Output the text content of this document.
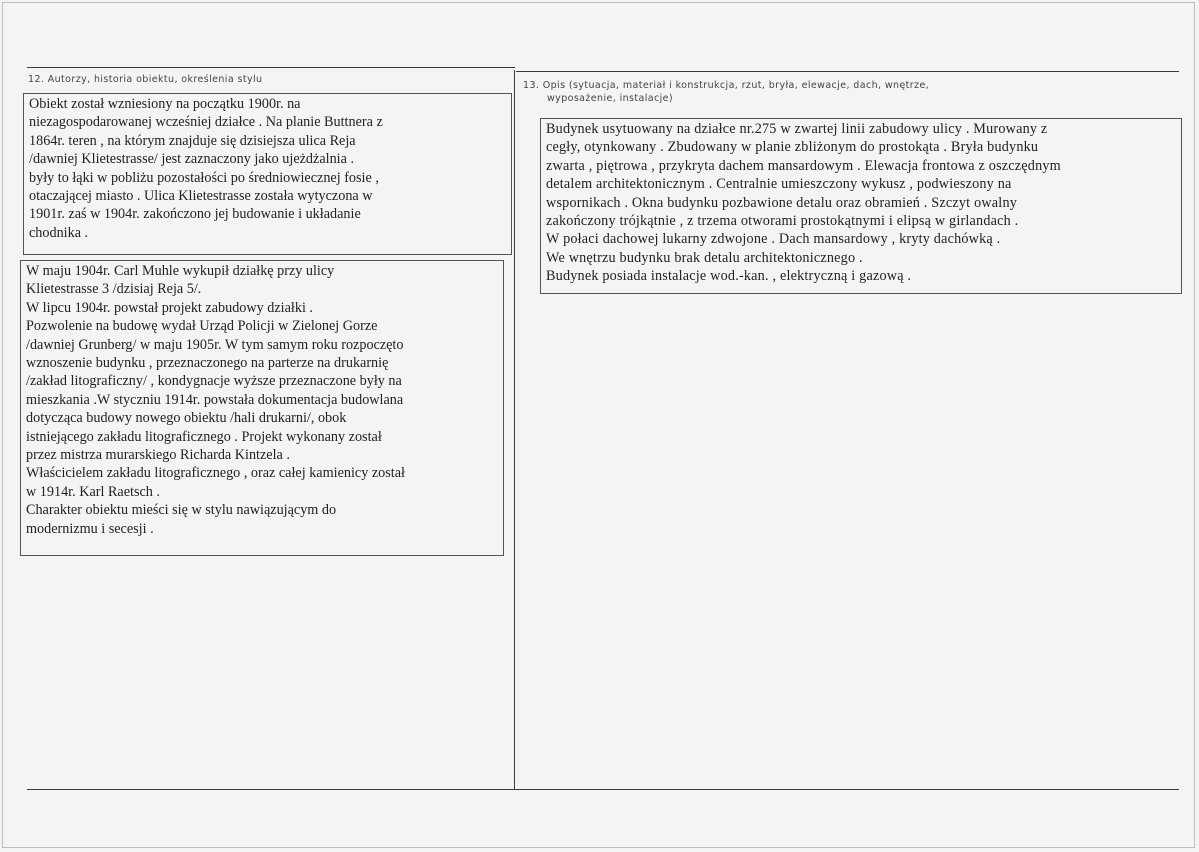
12. Autorzy, historia obiektu, określenia stylu
Obiekt został wzniesiony na początku 1900r. na
niezagospodarowanej wcześniej działce . Na planie Buttnera z
1864r. teren , na którym znajduje się dzisiejsza ulica Reja
/dawniej Klietestrasse/ jest zaznaczony jako ujeżdżalnia .
były to łąki w pobliżu pozostałości po średniowiecznej fosie ,
otaczającej miasto . Ulica Klietestrasse została wytyczona w
1901r. zaś w 1904r. zakończono jej budowanie i układanie
chodnika .
W maju 1904r. Carl Muhle wykupił działkę przy ulicy
Klietestrasse 3 /dzisiaj Reja 5/.
W lipcu 1904r. powstał projekt zabudowy działki .
Pozwolenie na budowę wydał Urząd Policji w Zielonej Gorze
/dawniej Grunberg/ w maju 1905r. W tym samym roku rozpoczęto
wznoszenie budynku , przeznaczonego na parterze na drukarnię
/zakład litograficzny/ , kondygnacje wyższe przeznaczone były na
mieszkania .W styczniu 1914r. powstała dokumentacja budowlana
dotycząca budowy nowego obiektu /hali drukarni/, obok
istniejącego zakładu litograficznego . Projekt wykonany został
przez mistrza murarskiego Richarda Kintzela .
Właścicielem zakładu litograficznego , oraz całej kamienicy został
w 1914r. Karl Raetsch .
Charakter obiektu mieści się w stylu nawiązującym do
modernizmu i secesji .
13. Opis (sytuacja, materiał i konstrukcja, rzut, bryła, elewacje, dach, wnętrze,
wyposażenie, instalacje)
Budynek usytuowany na działce nr.275 w zwartej linii zabudowy ulicy . Murowany z
cegły, otynkowany . Zbudowany w planie zbliżonym do prostokąta . Bryła budynku
zwarta , piętrowa , przykryta dachem mansardowym . Elewacja frontowa z oszczędnym
detalem architektonicznym . Centralnie umieszczony wykusz , podwieszony na
wspornikach . Okna budynku pozbawione detalu oraz obramień . Szczyt owalny
zakończony trójkątnie , z trzema otworami prostokątnymi i elipsą w girlandach .
W połaci dachowej lukarny zdwojone . Dach mansardowy , kryty dachówką .
We wnętrzu budynku brak detalu architektonicznego .
Budynek posiada instalacje wod.-kan. , elektryczną i gazową .
